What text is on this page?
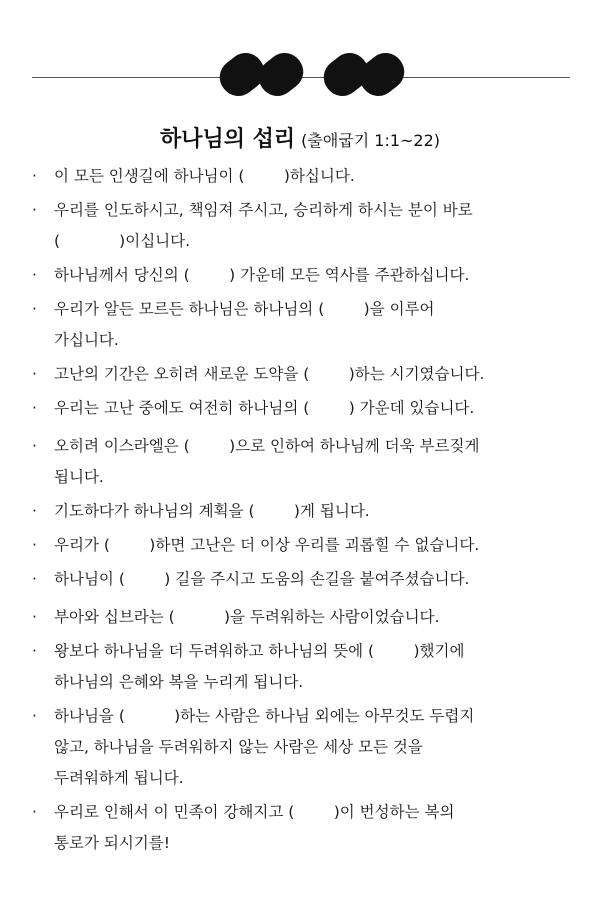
오 늘 의	말 씀
하나님의 섭리 (출애굽기 1:1~22)
· 이 모든 인생길에 하나님이 (        )하십니다.
· 우리를 인도하시고, 책임져 주시고, 승리하게 하시는 분이 바로
(            )이십니다.
· 하나님께서 당신의 (        ) 가운데 모든 역사를 주관하십니다.
· 우리가 알든 모르든 하나님은 하나님의 (        )을 이루어
가십니다.
· 고난의 기간은 오히려 새로운 도약을 (        )하는 시기였습니다.
· 우리는 고난 중에도 여전히 하나님의 (        ) 가운데 있습니다.
· 오히려 이스라엘은 (        )으로 인하여 하나님께 더욱 부르짖게
됩니다.
· 기도하다가 하나님의 계획을 (        )게 됩니다.
· 우리가 (        )하면 고난은 더 이상 우리를 괴롭힐 수 없습니다.
· 하나님이 (        ) 길을 주시고 도움의 손길을 붙여주셨습니다.
· 부아와 십브라는 (          )을 두려워하는 사람이었습니다.
· 왕보다 하나님을 더 두려워하고 하나님의 뜻에 (        )했기에
하나님의 은혜와 복을 누리게 됩니다.
· 하나님을 (          )하는 사람은 하나님 외에는 아무것도 두렵지
않고, 하나님을 두려워하지 않는 사람은 세상 모든 것을
두려워하게 됩니다.
· 우리로 인해서 이 민족이 강해지고 (        )이 번성하는 복의
통로가 되시기를!
